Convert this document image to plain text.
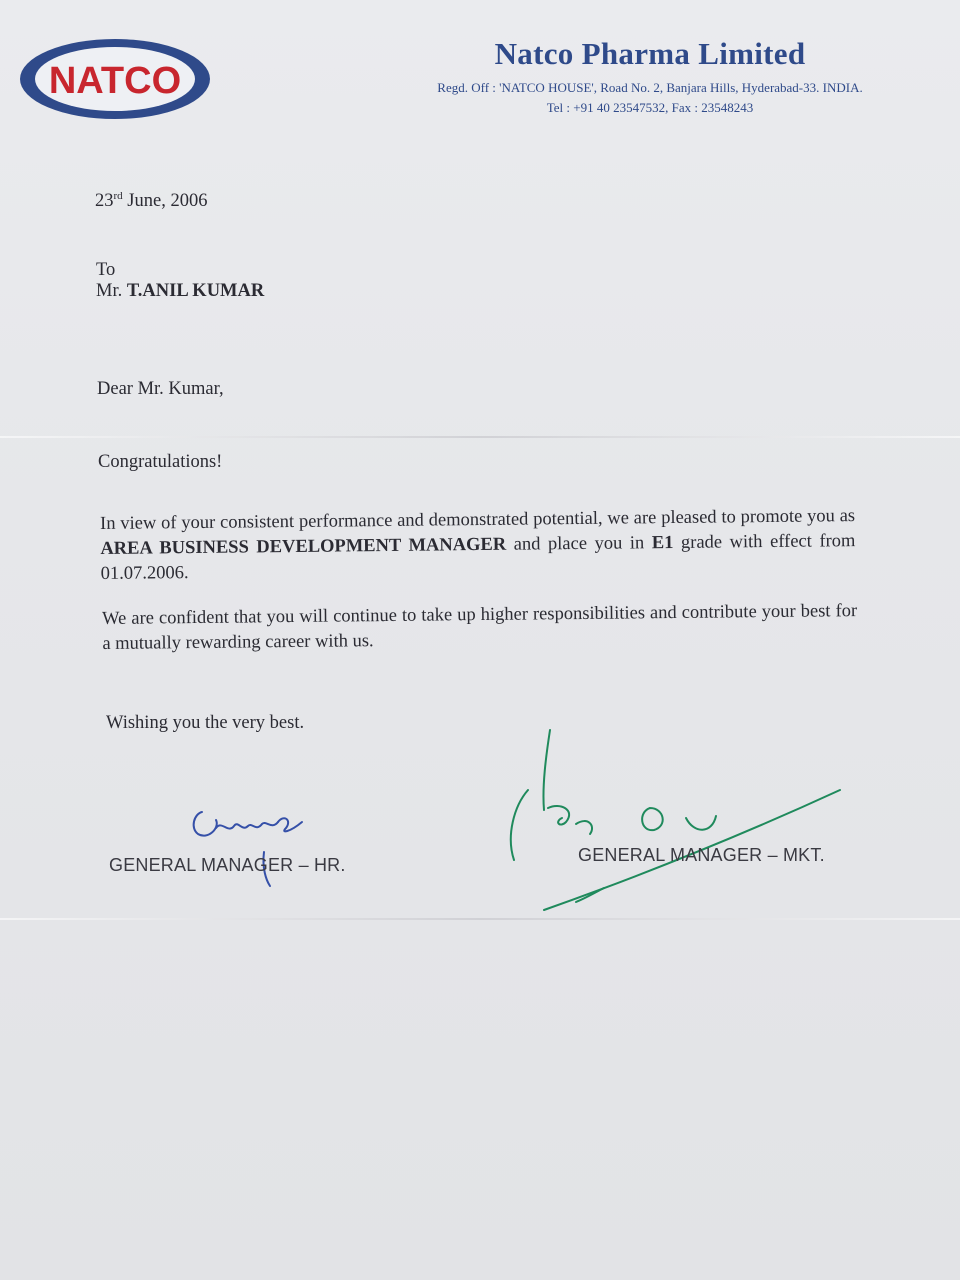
NATCO
Natco Pharma Limited
Regd. Off : 'NATCO HOUSE', Road No. 2, Banjara Hills, Hyderabad-33. INDIA.
Tel : +91 40 23547532, Fax : 23548243
23rd June, 2006
To
Mr. T.ANIL KUMAR
Dear Mr. Kumar,
Congratulations!
In view of your consistent performance and demonstrated potential, we are pleased to promote you as AREA BUSINESS DEVELOPMENT MANAGER and place you in E1 grade with effect from 01.07.2006.
We are confident that you will continue to take up higher responsibilities and contribute your best for a mutually rewarding career with us.
Wishing you the very best.
GENERAL MANAGER – HR.	GENERAL MANAGER – MKT.
